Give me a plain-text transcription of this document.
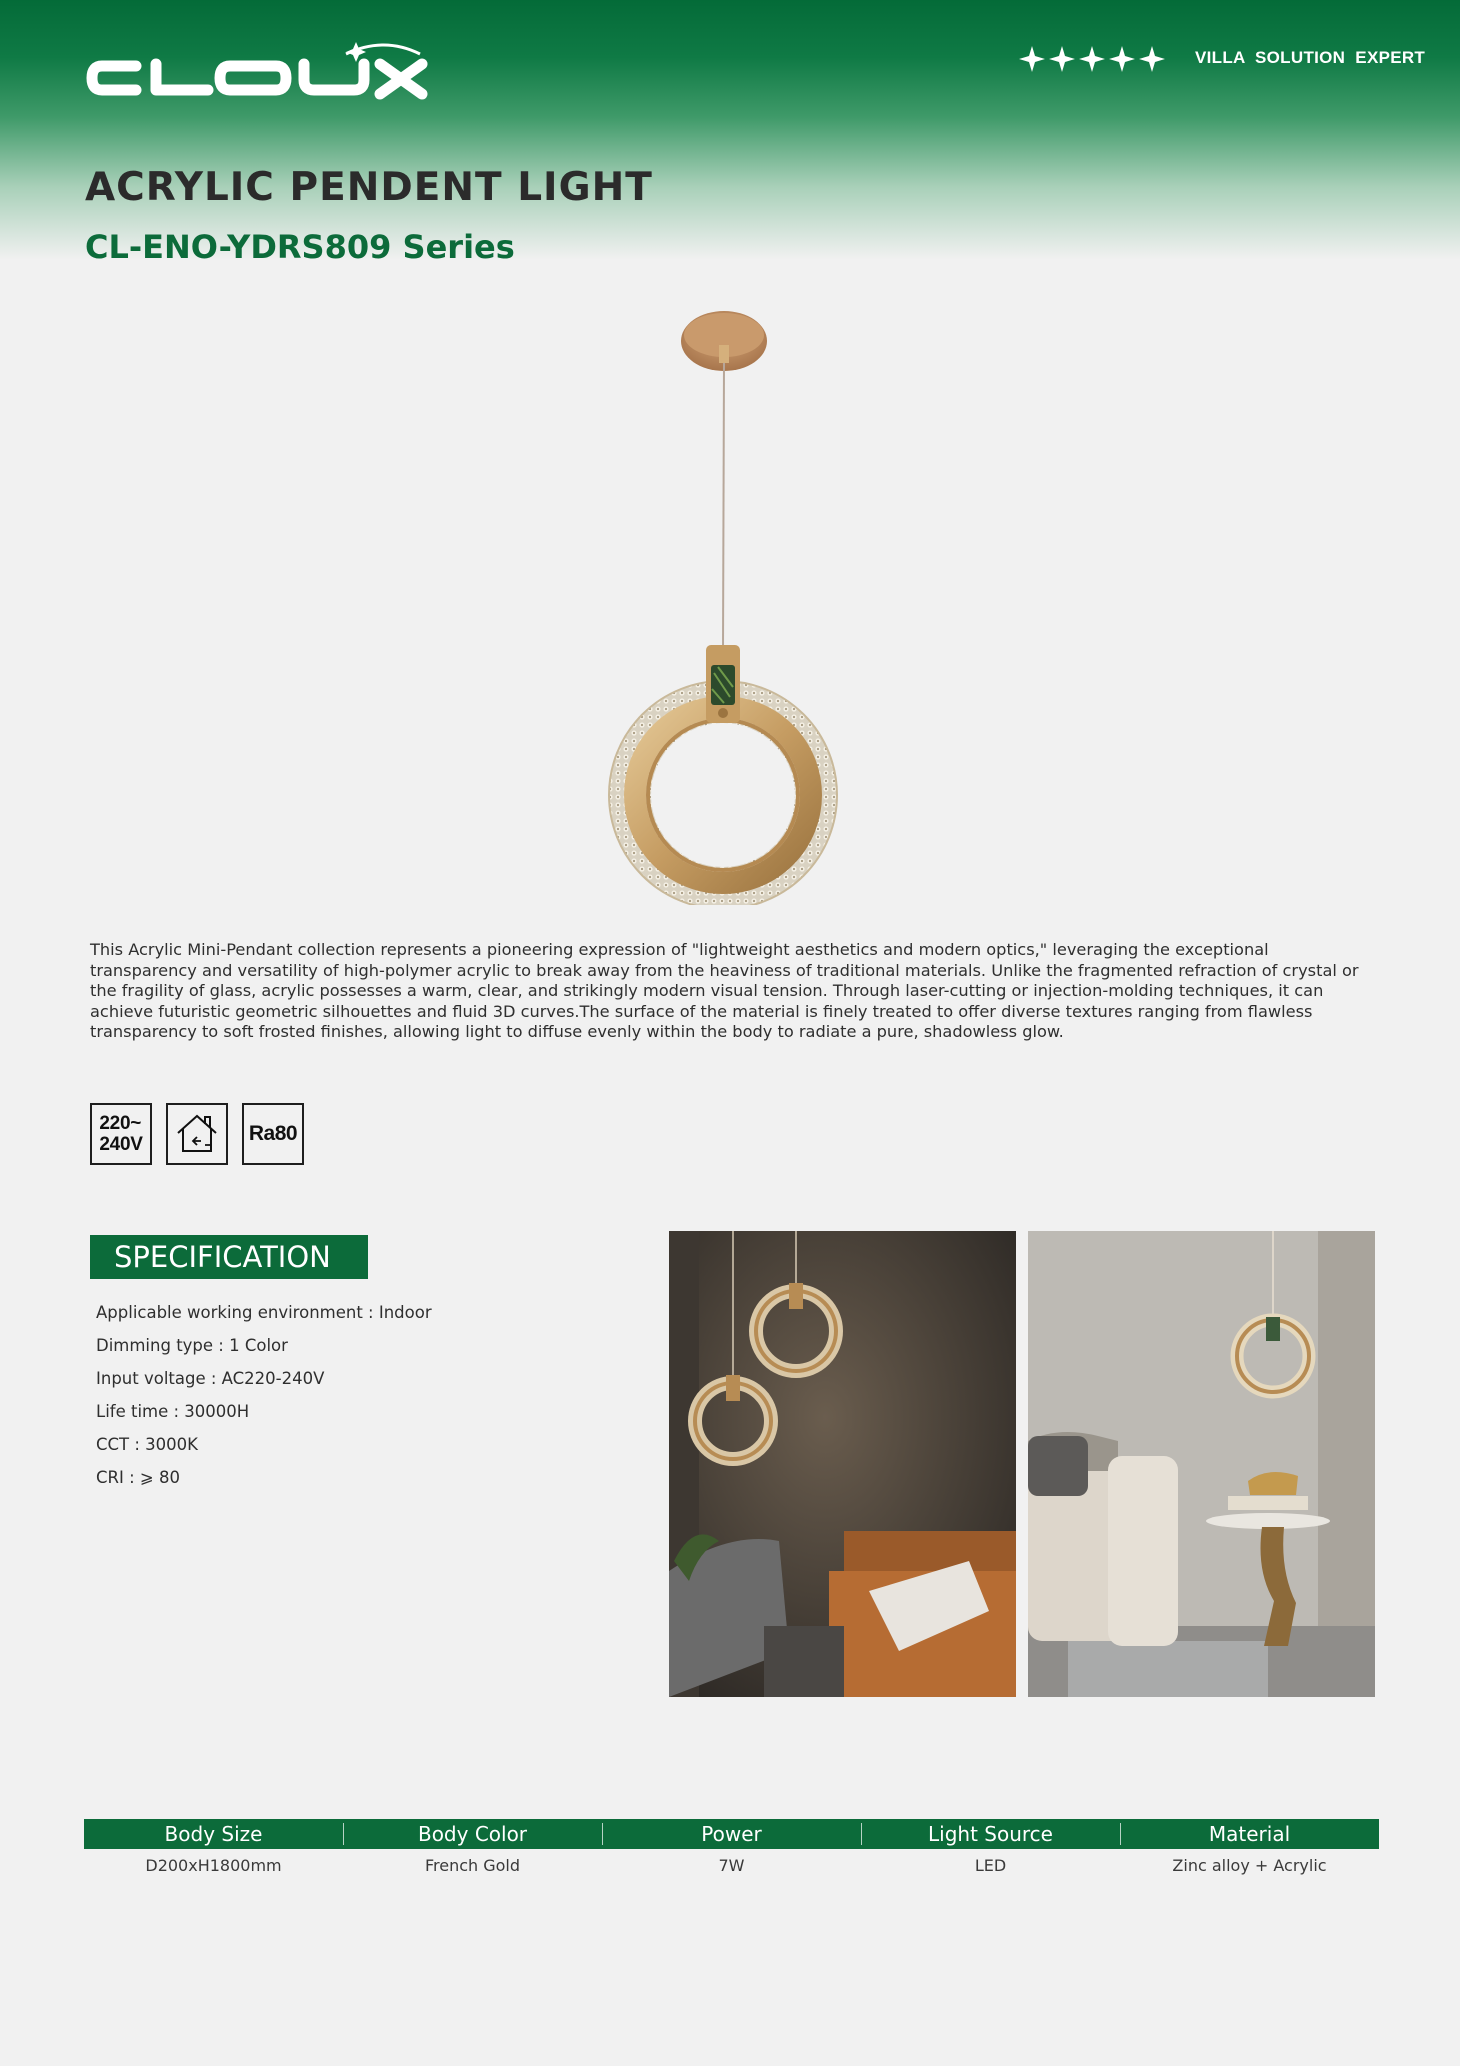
VILLA  SOLUTION  EXPERT
ACRYLIC PENDENT LIGHT
CL-ENO-YDRS809 Series

This Acrylic Mini-Pendant collection represents a pioneering expression of "lightweight aesthetics and modern optics," leveraging the exceptional transparency and versatility of high-polymer acrylic to break away from the heaviness of traditional materials. Unlike the fragmented refraction of crystal or the fragility of glass, acrylic possesses a warm, clear, and strikingly modern visual tension. Through laser-cutting or injection-molding techniques, it can achieve futuristic geometric silhouettes and fluid 3D curves.The surface of the material is finely treated to offer diverse textures ranging from flawless transparency to soft frosted finishes, allowing light to diffuse evenly within the body to radiate a pure, shadowless glow.

220~
240V	Ra80
SPECIFICATION
Applicable working environment : Indoor
Dimming type : 1 Color
Input voltage : AC220-240V
Life time : 30000H
CCT : 3000K
CRI : ⩾ 80
Body Size	Body Color	Power	Light Source	Material
D200xH1800mm	French Gold	7W	LED	Zinc alloy + Acrylic
